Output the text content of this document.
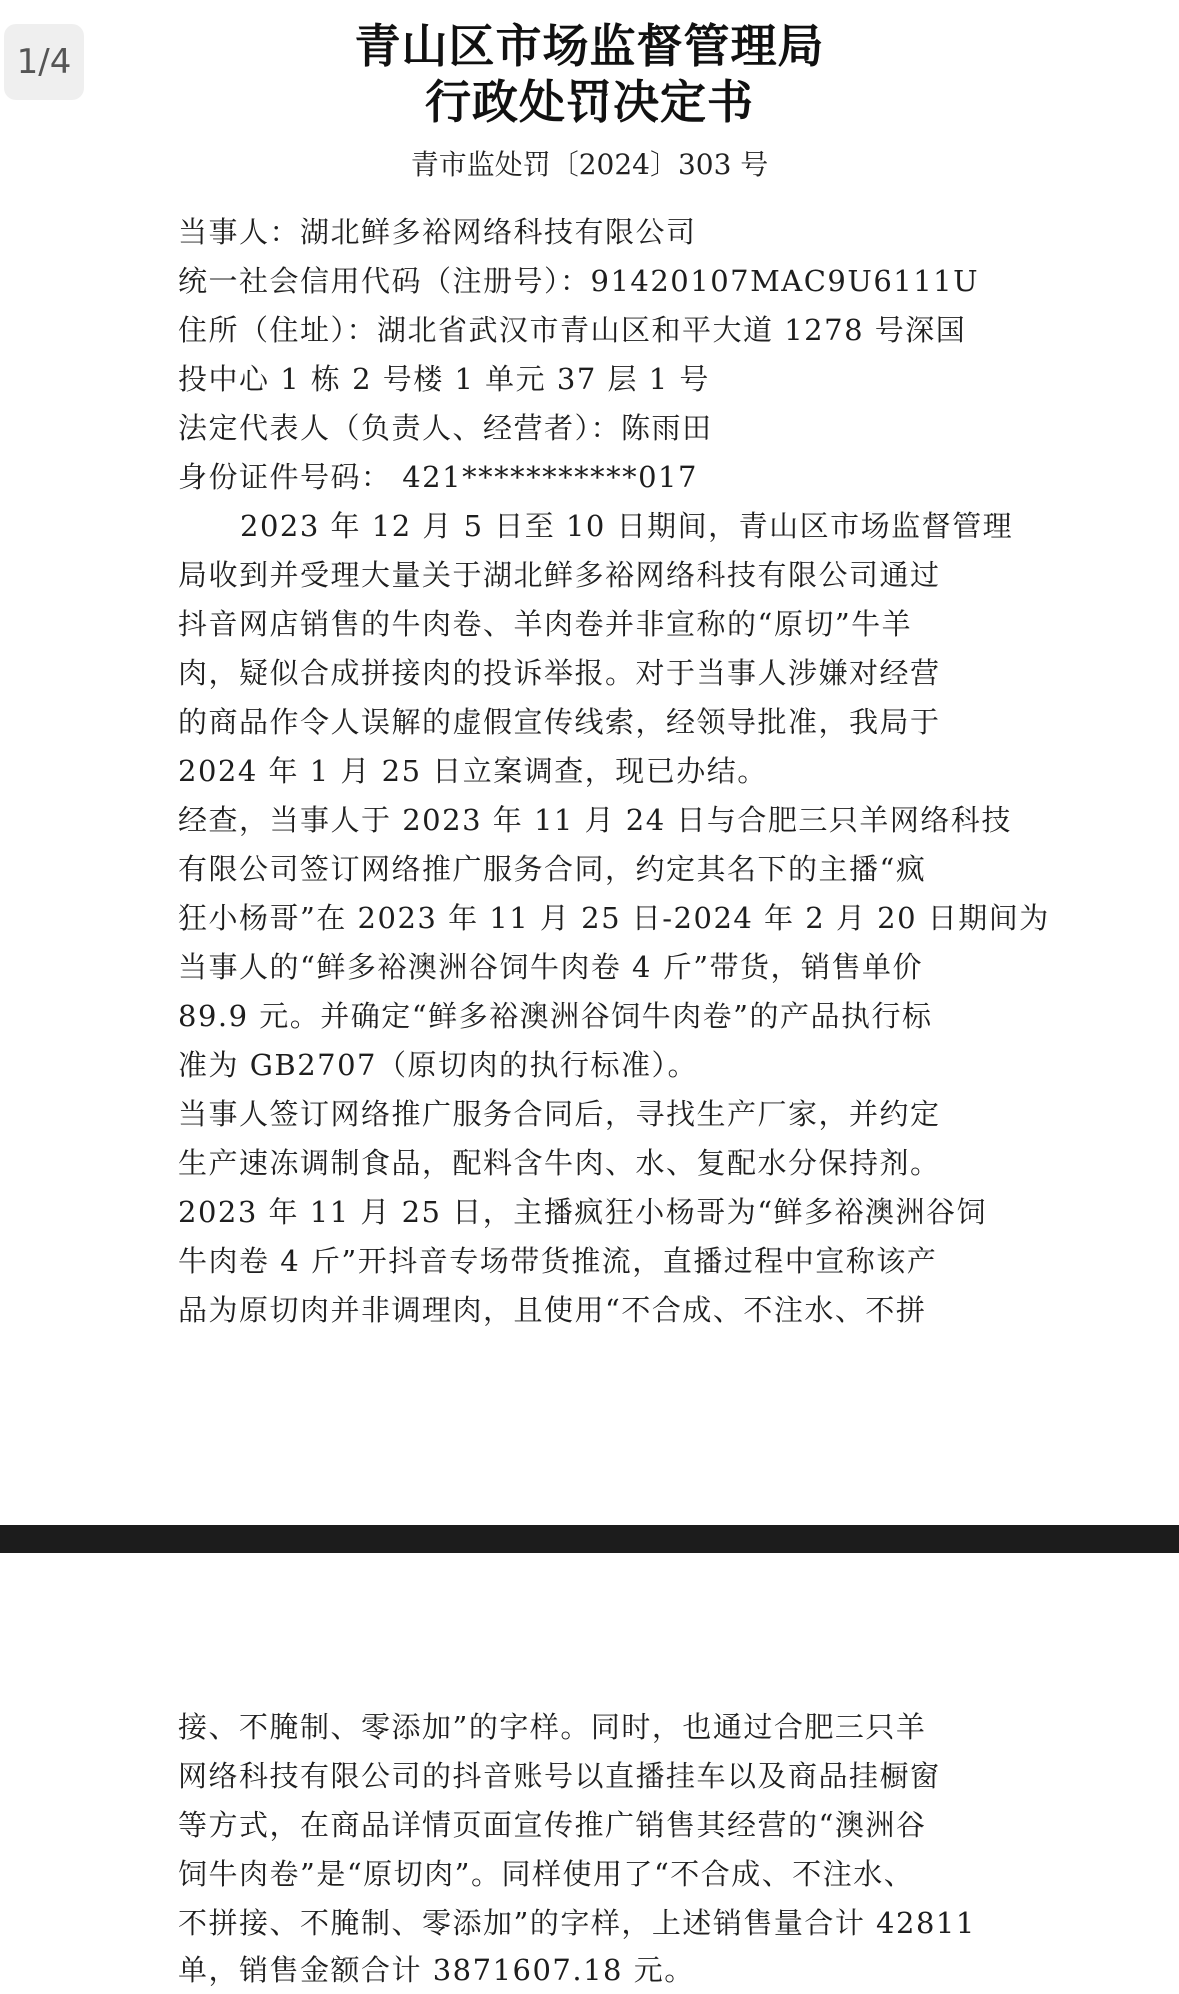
1/4	青山区市场监督管理局
行政处罚决定书
青市监处罚〔2024〕303 号
当事人：湖北鲜多裕网络科技有限公司
统一社会信用代码（注册号）：91420107MAC9U6111U
住所（住址）：湖北省武汉市青山区和平大道 1278 号深国
投中心 1 栋 2 号楼 1 单元 37 层 1 号
法定代表人（负责人、经营者）：陈雨田
身份证件号码： 421***********017
2023 年 12 月 5 日至 10 日期间，青山区市场监督管理
局收到并受理大量关于湖北鲜多裕网络科技有限公司通过
抖音网店销售的牛肉卷、羊肉卷并非宣称的“原切”牛羊
肉，疑似合成拼接肉的投诉举报。对于当事人涉嫌对经营
的商品作令人误解的虚假宣传线索，经领导批准，我局于
2024 年 1 月 25 日立案调查，现已办结。
经查，当事人于 2023 年 11 月 24 日与合肥三只羊网络科技
有限公司签订网络推广服务合同，约定其名下的主播“疯
狂小杨哥”在 2023 年 11 月 25 日-2024 年 2 月 20 日期间为
当事人的“鲜多裕澳洲谷饲牛肉卷 4 斤”带货，销售单价
89.9 元。并确定“鲜多裕澳洲谷饲牛肉卷”的产品执行标
准为 GB2707（原切肉的执行标准）。
当事人签订网络推广服务合同后，寻找生产厂家，并约定
生产速冻调制食品，配料含牛肉、水、复配水分保持剂。
2023 年 11 月 25 日，主播疯狂小杨哥为“鲜多裕澳洲谷饲
牛肉卷 4 斤”开抖音专场带货推流，直播过程中宣称该产
品为原切肉并非调理肉，且使用“不合成、不注水、不拼
接、不腌制、零添加”的字样。同时，也通过合肥三只羊
网络科技有限公司的抖音账号以直播挂车以及商品挂橱窗
等方式，在商品详情页面宣传推广销售其经营的“澳洲谷
饲牛肉卷”是“原切肉”。同样使用了“不合成、不注水、
不拼接、不腌制、零添加”的字样，上述销售量合计 42811
单，销售金额合计 3871607.18 元。
